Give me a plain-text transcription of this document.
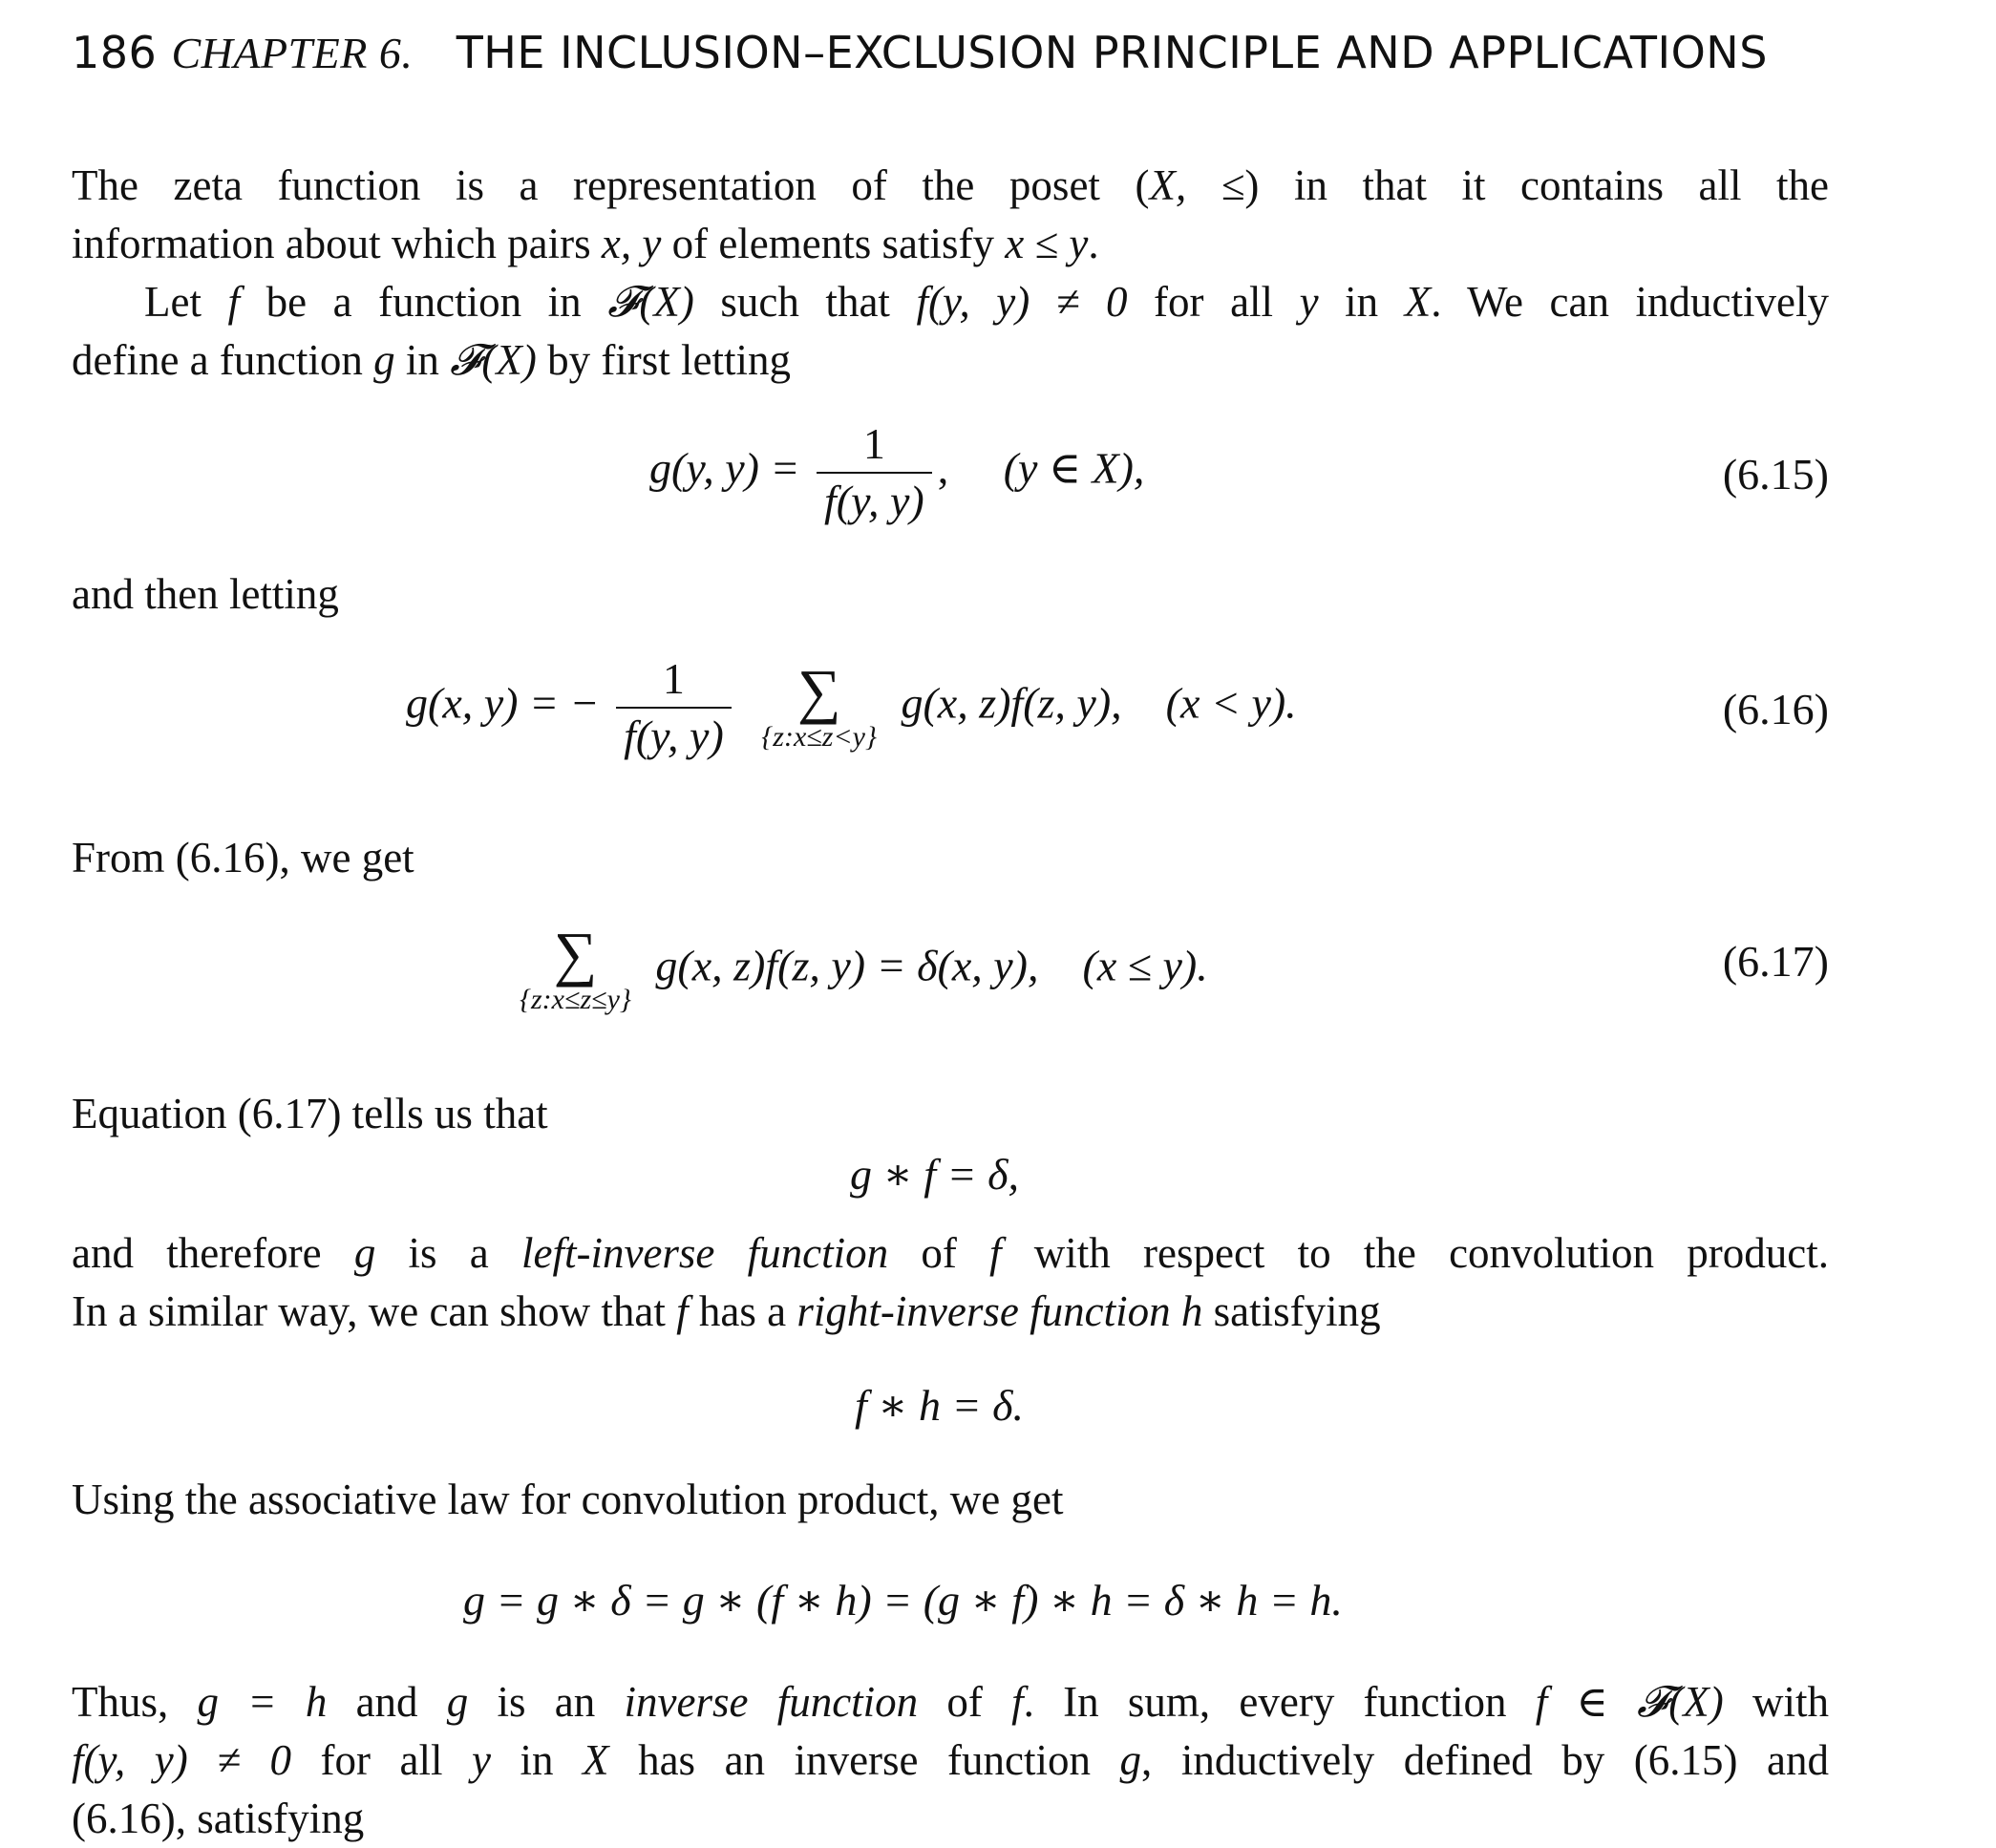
186 CHAPTER 6. THE INCLUSION–EXCLUSION PRINCIPLE AND APPLICATIONS
The zeta function is a representation of the poset (X, ≤) in that it contains all the
information about which pairs x, y of elements satisfy x ≤ y.
Let f be a function in 𝓕(X) such that f(y, y) ≠ 0 for all y in X. We can inductively
define a function g in 𝓕(X) by first letting
g(y, $y) = \frac{1}{f(y, y)}$ , (y ∈ X),	(6.15)
and then letting
g(x, y) = − $\frac{1}{f(y, y)}$
	∑
{z:x≤z<y}
g(x, z)f(z, y), (x < y).	(6.16)
From (6.16), we get
∑
{z:x≤z≤y}
g(x, z)f(z, y) = δ(x, y), (x ≤ y).	(6.17)
Equation (6.17) tells us that
g ∗ f = δ,
and therefore g is a left-inverse function of f with respect to the convolution product.
In a similar way, we can show that f has a right-inverse function h satisfying
f ∗ h = δ.
Using the associative law for convolution product, we get
g = g ∗ δ = g ∗ (f ∗ h) = (g ∗ f) ∗ h = δ ∗ h = h.
Thus, g = h and g is an inverse function of f. In sum, every function f ∈ 𝓕(X) with
f(y, y) ≠ 0 for all y in X has an inverse function g, inductively defined by (6.15) and
(6.16), satisfying
